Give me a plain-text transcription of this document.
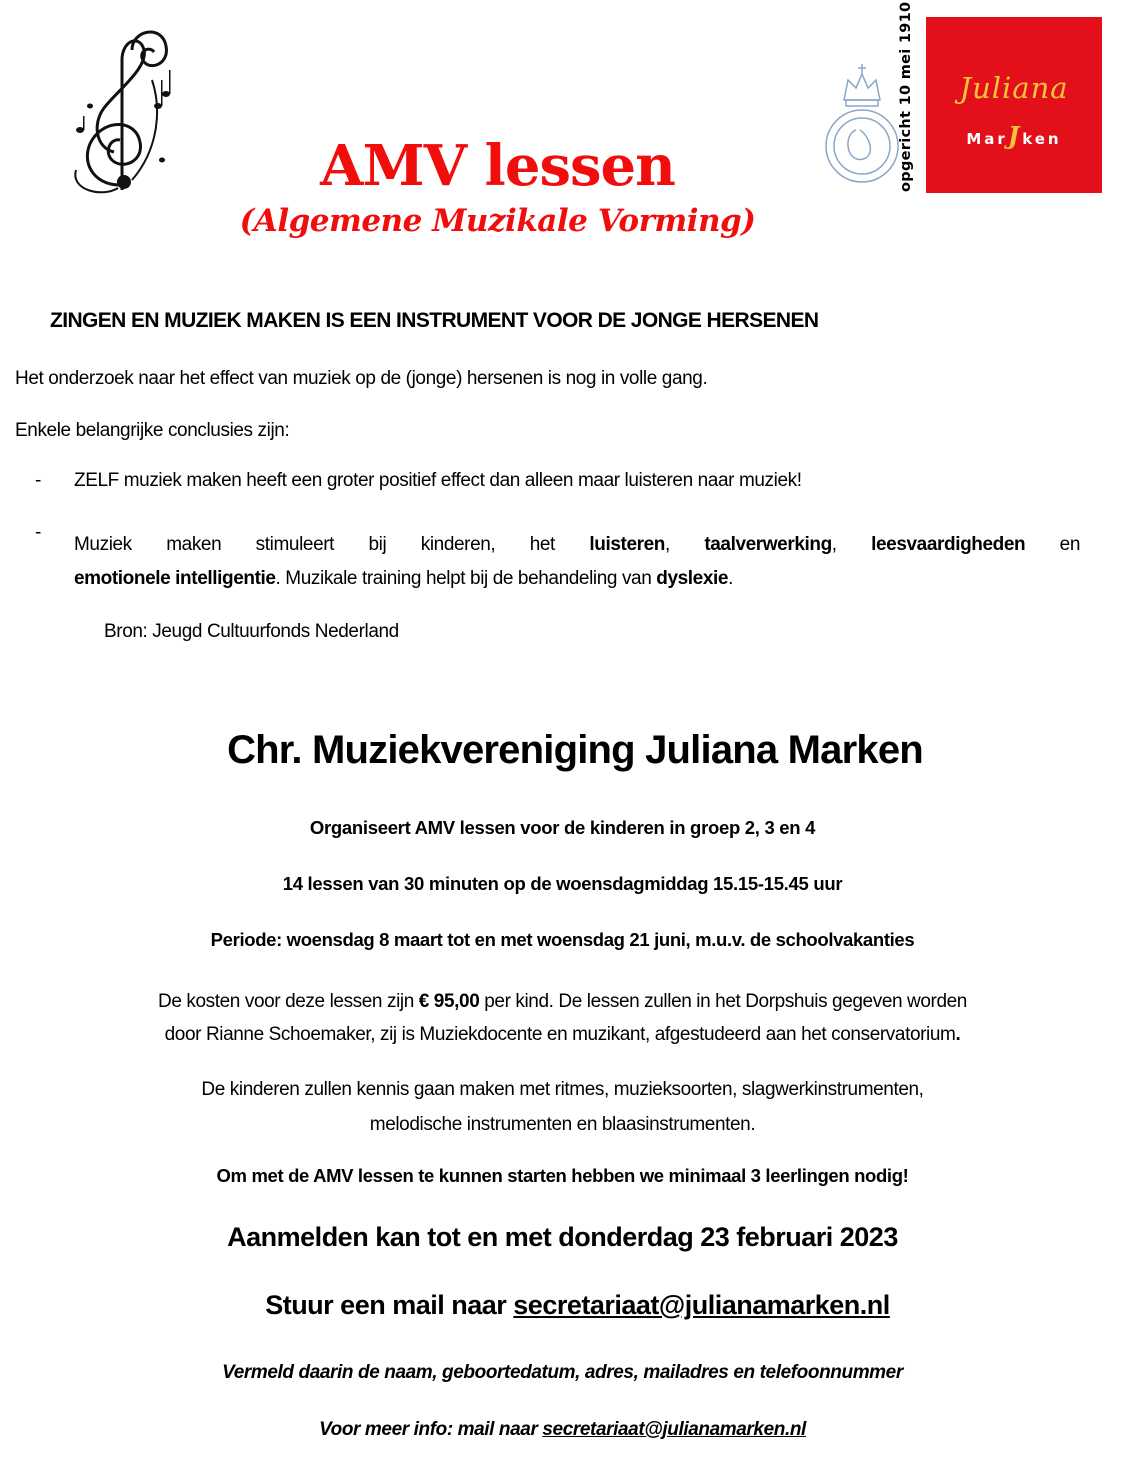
opgericht 10 mei 1910	Juliana
MarJken
AMV lessen
(Algemene Muzikale Vorming)
ZINGEN EN MUZIEK MAKEN IS EEN INSTRUMENT VOOR DE JONGE HERSENEN
Het onderzoek naar het effect van muziek op de (jonge) hersenen is nog in volle gang.
Enkele belangrijke conclusies zijn:
- ZELF muziek maken heeft een groter positief effect dan alleen maar luisteren naar muziek!
-
Muziek maken stimuleert bij kinderen, het luisteren, taalverwerking, leesvaardigheden en
emotionele intelligentie. Muzikale training helpt bij de behandeling van dyslexie.
Bron: Jeugd Cultuurfonds Nederland
Chr. Muziekvereniging Juliana Marken
Organiseert AMV lessen voor de kinderen in groep 2, 3 en 4
14 lessen van 30 minuten op de woensdagmiddag 15.15-15.45 uur
Periode: woensdag 8 maart tot en met woensdag 21 juni, m.u.v. de schoolvakanties
De kosten voor deze lessen zijn € 95,00 per kind. De lessen zullen in het Dorpshuis gegeven worden
door Rianne Schoemaker, zij is Muziekdocente en muzikant, afgestudeerd aan het conservatorium.
De kinderen zullen kennis gaan maken met ritmes, muzieksoorten, slagwerkinstrumenten,
melodische instrumenten en blaasinstrumenten.
Om met de AMV lessen te kunnen starten hebben we minimaal 3 leerlingen nodig!
Aanmelden kan tot en met donderdag 23 februari 2023
Stuur een mail naar secretariaat@julianamarken.nl
Vermeld daarin de naam, geboortedatum, adres, mailadres en telefoonnummer
Voor meer info: mail naar secretariaat@julianamarken.nl
